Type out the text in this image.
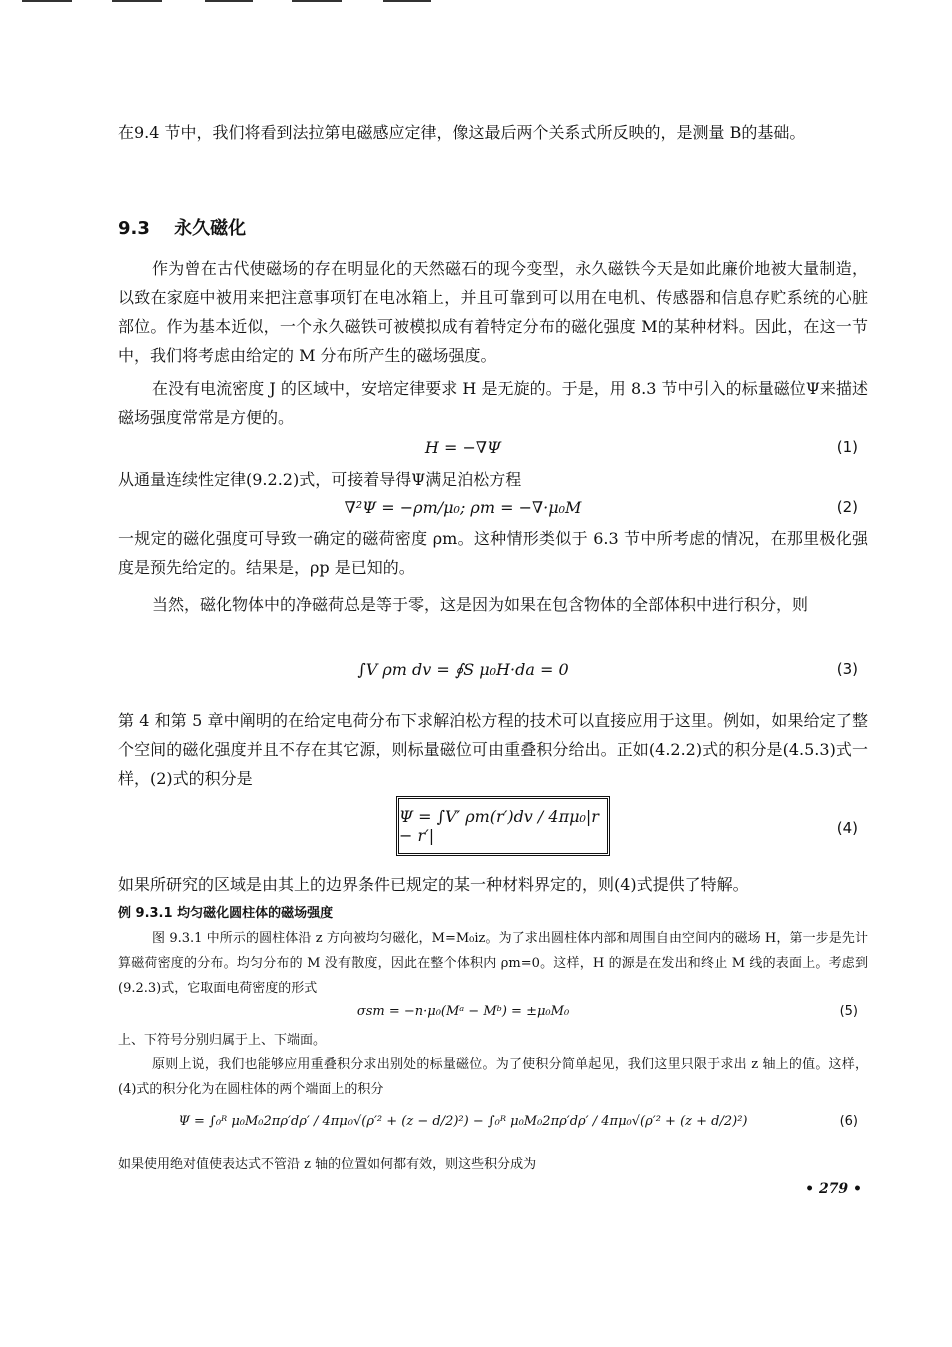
在9.4 节中，我们将看到法拉第电磁感应定律，像这最后两个关系式所反映的，是测量 B的基础。
9.3 永久磁化
作为曾在古代使磁场的存在明显化的天然磁石的现今变型，永久磁铁今天是如此廉价地被大量制造，以致在家庭中被用来把注意事项钉在电冰箱上，并且可靠到可以用在电机、传感器和信息存贮系统的心脏部位。作为基本近似，一个永久磁铁可被模拟成有着特定分布的磁化强度 M的某种材料。因此，在这一节中，我们将考虑由给定的 M 分布所产生的磁场强度。
在没有电流密度 J 的区域中，安培定律要求 H 是无旋的。于是，用 8.3 节中引入的标量磁位Ψ来描述磁场强度常常是方便的。
H = −∇Ψ	(1)
从通量连续性定律(9.2.2)式，可接着导得Ψ满足泊松方程
∇²Ψ = −ρm/μ₀; ρm = −∇·μ₀M	(2)
一规定的磁化强度可导致一确定的磁荷密度 ρm。这种情形类似于 6.3 节中所考虑的情况，在那里极化强度是预先给定的。结果是，ρp 是已知的。
当然，磁化物体中的净磁荷总是等于零，这是因为如果在包含物体的全部体积中进行积分，则
∫V ρm dv = ∮S μ₀H·da = 0	(3)
第 4 和第 5 章中阐明的在给定电荷分布下求解泊松方程的技术可以直接应用于这里。例如，如果给定了整个空间的磁化强度并且不存在其它源，则标量磁位可由重叠积分给出。正如(4.2.2)式的积分是(4.5.3)式一样，(2)式的积分是
Ψ = ∫V′ ρm(r′)dv / 4πμ₀|r − r′|	(4)
如果所研究的区域是由其上的边界条件已规定的某一种材料界定的，则(4)式提供了特解。
例 9.3.1 均匀磁化圆柱体的磁场强度
图 9.3.1 中所示的圆柱体沿 z 方向被均匀磁化，M=M₀iz。为了求出圆柱体内部和周围自由空间内的磁场 H，第一步是先计算磁荷密度的分布。均匀分布的 M 没有散度，因此在整个体积内 ρm=0。这样，H 的源是在发出和终止 M 线的表面上。考虑到(9.2.3)式，它取面电荷密度的形式
σsm = −n·μ₀(Mᵃ − Mᵇ) = ±μ₀M₀	(5)
上、下符号分别归属于上、下端面。
原则上说，我们也能够应用重叠积分求出别处的标量磁位。为了使积分简单起见，我们这里只限于求出 z 轴上的值。这样，(4)式的积分化为在圆柱体的两个端面上的积分
Ψ = ∫₀ᴿ μ₀M₀2πρ′dρ′ / 4πμ₀√(ρ′² + (z − d/2)²) − ∫₀ᴿ μ₀M₀2πρ′dρ′ / 4πμ₀√(ρ′² + (z + d/2)²)	(6)
如果使用绝对值使表达式不管沿 z 轴的位置如何都有效，则这些积分成为
• 279 •
